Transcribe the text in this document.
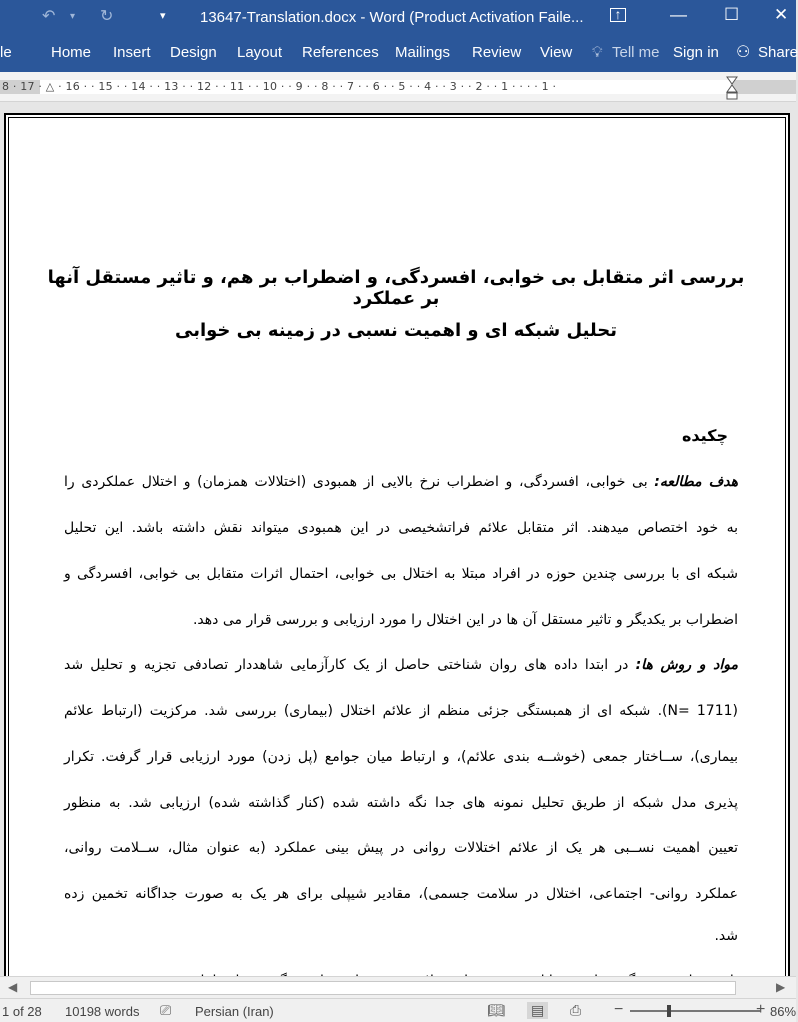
↶ ▾ ↻	▾ 13647-Translation.docx - Word (Product Activation Faile...	↑	— ☐ ✕
le	Home Insert Design Layout References Mailings Review View 💡︎ Tell me Sign in ⚇ Share
8 · 17 · △ · 16 · · 15 · · 14 · · 13 · · 12 · · 11 · · 10 · · 9 · · 8 · · 7 · · 6 · · 5 · · 4 · · 3 · · 2 · · 1 · · · · 1 ·
بررسی اثر متقابل بی خوابی، افسردگی، و اضطراب بر هم، و تاثیر مستقل آنها بر عملکرد
تحلیل شبکه ای و اهمیت نسبی در زمینه بی خوابی
چکیده
هدف مطالعه: بی خوابی، افسردگی، و اضطراب نرخ بالایی از همبودی (اختلالات همزمان) و اختلال عملکردی را
به خود اختصاص میدهند. اثر متقابل علائم فراتشخیصی در این همبودی میتواند نقش داشته باشد. این تحلیل
شبکه ای با بررسی چندین حوزه در افراد مبتلا به اختلال بی خوابی، احتمال اثرات متقابل بی خوابی، افسردگی و
اضطراب بر یکدیگر و تاثیر مستقل آن ها در این اختلال را مورد ارزیابی و بررسی قرار می دهد.
مواد و روش ها: در ابتدا داده های روان شناختی حاصل از یک کارآزمایی شاهددار تصادفی تجزیه و تحلیل شد
(N= 1711). شبکه ای از همبستگی جزئی منظم از علائم اختلال (بیماری) بررسی شد. مرکزیت (ارتباط علائم
بیماری)، ســاختار جمعی (خوشــه بندی علائم)، و ارتباط میان جوامع (پل زدن) مورد ارزیابی قرار گرفت. تکرار
پذیری مدل شبکه از طریق تحلیل نمونه های جدا نگه داشته شده (کنار گذاشته شده) ارزیابی شد. به منظور
تعیین اهمیت نســبی هر یک از علائم اختلالات روانی در پیش بینی عملکرد (به عنوان مثال، ســلامت روانی،
عملکرد روانی- اجتماعی، اختلال در سلامت جسمی)، مقادیر شیپلی برای هر یک به صورت جداگانه تخمین زده
شد.
◀	▶
1 of 28 10198 words ⎚ Persian (Iran)	📖︎ ▤ ⎙ −	+ 86%
